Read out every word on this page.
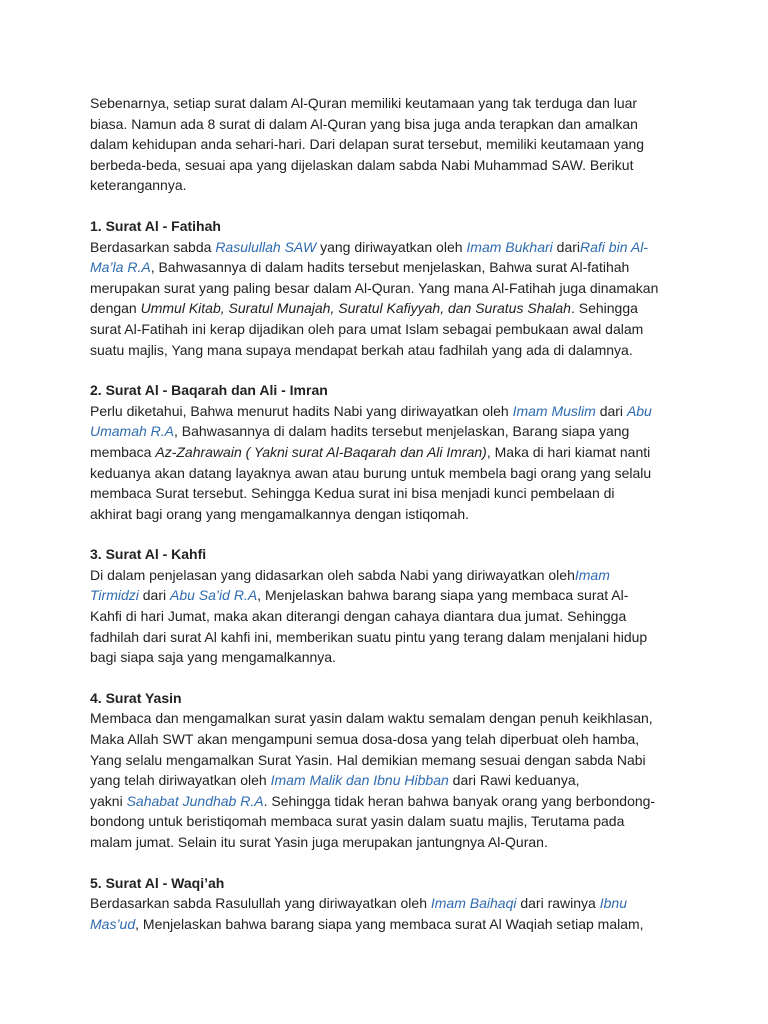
Sebenarnya, setiap surat dalam Al-Quran memiliki keutamaan yang tak terduga dan luar
biasa. Namun ada 8 surat di dalam Al-Quran yang bisa juga anda terapkan dan amalkan
dalam kehidupan anda sehari-hari. Dari delapan surat tersebut, memiliki keutamaan yang
berbeda-beda, sesuai apa yang dijelaskan dalam sabda Nabi Muhammad SAW. Berikut
keterangannya.

1. Surat Al - Fatihah
Berdasarkan sabda Rasulullah SAW yang diriwayatkan oleh Imam Bukhari dariRafi bin Al-
Ma’la R.A, Bahwasannya di dalam hadits tersebut menjelaskan, Bahwa surat Al-fatihah
merupakan surat yang paling besar dalam Al-Quran. Yang mana Al-Fatihah juga dinamakan
dengan Ummul Kitab, Suratul Munajah, Suratul Kafiyyah, dan Suratus Shalah. Sehingga
surat Al-Fatihah ini kerap dijadikan oleh para umat Islam sebagai pembukaan awal dalam
suatu majlis, Yang mana supaya mendapat berkah atau fadhilah yang ada di dalamnya.
2. Surat Al - Baqarah dan Ali - Imran
Perlu diketahui, Bahwa menurut hadits Nabi yang diriwayatkan oleh Imam Muslim dari Abu
Umamah R.A, Bahwasannya di dalam hadits tersebut menjelaskan, Barang siapa yang
membaca Az-Zahrawain ( Yakni surat Al-Baqarah dan Ali Imran), Maka di hari kiamat nanti
keduanya akan datang layaknya awan atau burung untuk membela bagi orang yang selalu
membaca Surat tersebut. Sehingga Kedua surat ini bisa menjadi kunci pembelaan di
akhirat bagi orang yang mengamalkannya dengan istiqomah.
3. Surat Al - Kahfi
Di dalam penjelasan yang didasarkan oleh sabda Nabi yang diriwayatkan olehImam
Tirmidzi dari Abu Sa’id R.A, Menjelaskan bahwa barang siapa yang membaca surat Al-
Kahfi di hari Jumat, maka akan diterangi dengan cahaya diantara dua jumat. Sehingga
fadhilah dari surat Al kahfi ini, memberikan suatu pintu yang terang dalam menjalani hidup
bagi siapa saja yang mengamalkannya.
4. Surat Yasin
Membaca dan mengamalkan surat yasin dalam waktu semalam dengan penuh keikhlasan,
Maka Allah SWT akan mengampuni semua dosa-dosa yang telah diperbuat oleh hamba,
Yang selalu mengamalkan Surat Yasin. Hal demikian memang sesuai dengan sabda Nabi
yang telah diriwayatkan oleh Imam Malik dan Ibnu Hibban dari Rawi keduanya,
yakni Sahabat Jundhab R.A. Sehingga tidak heran bahwa banyak orang yang berbondong-
bondong untuk beristiqomah membaca surat yasin dalam suatu majlis, Terutama pada
malam jumat. Selain itu surat Yasin juga merupakan jantungnya Al-Quran.
5. Surat Al - Waqi’ah
Berdasarkan sabda Rasulullah yang diriwayatkan oleh Imam Baihaqi dari rawinya Ibnu
Mas’ud, Menjelaskan bahwa barang siapa yang membaca surat Al Waqiah setiap malam,
